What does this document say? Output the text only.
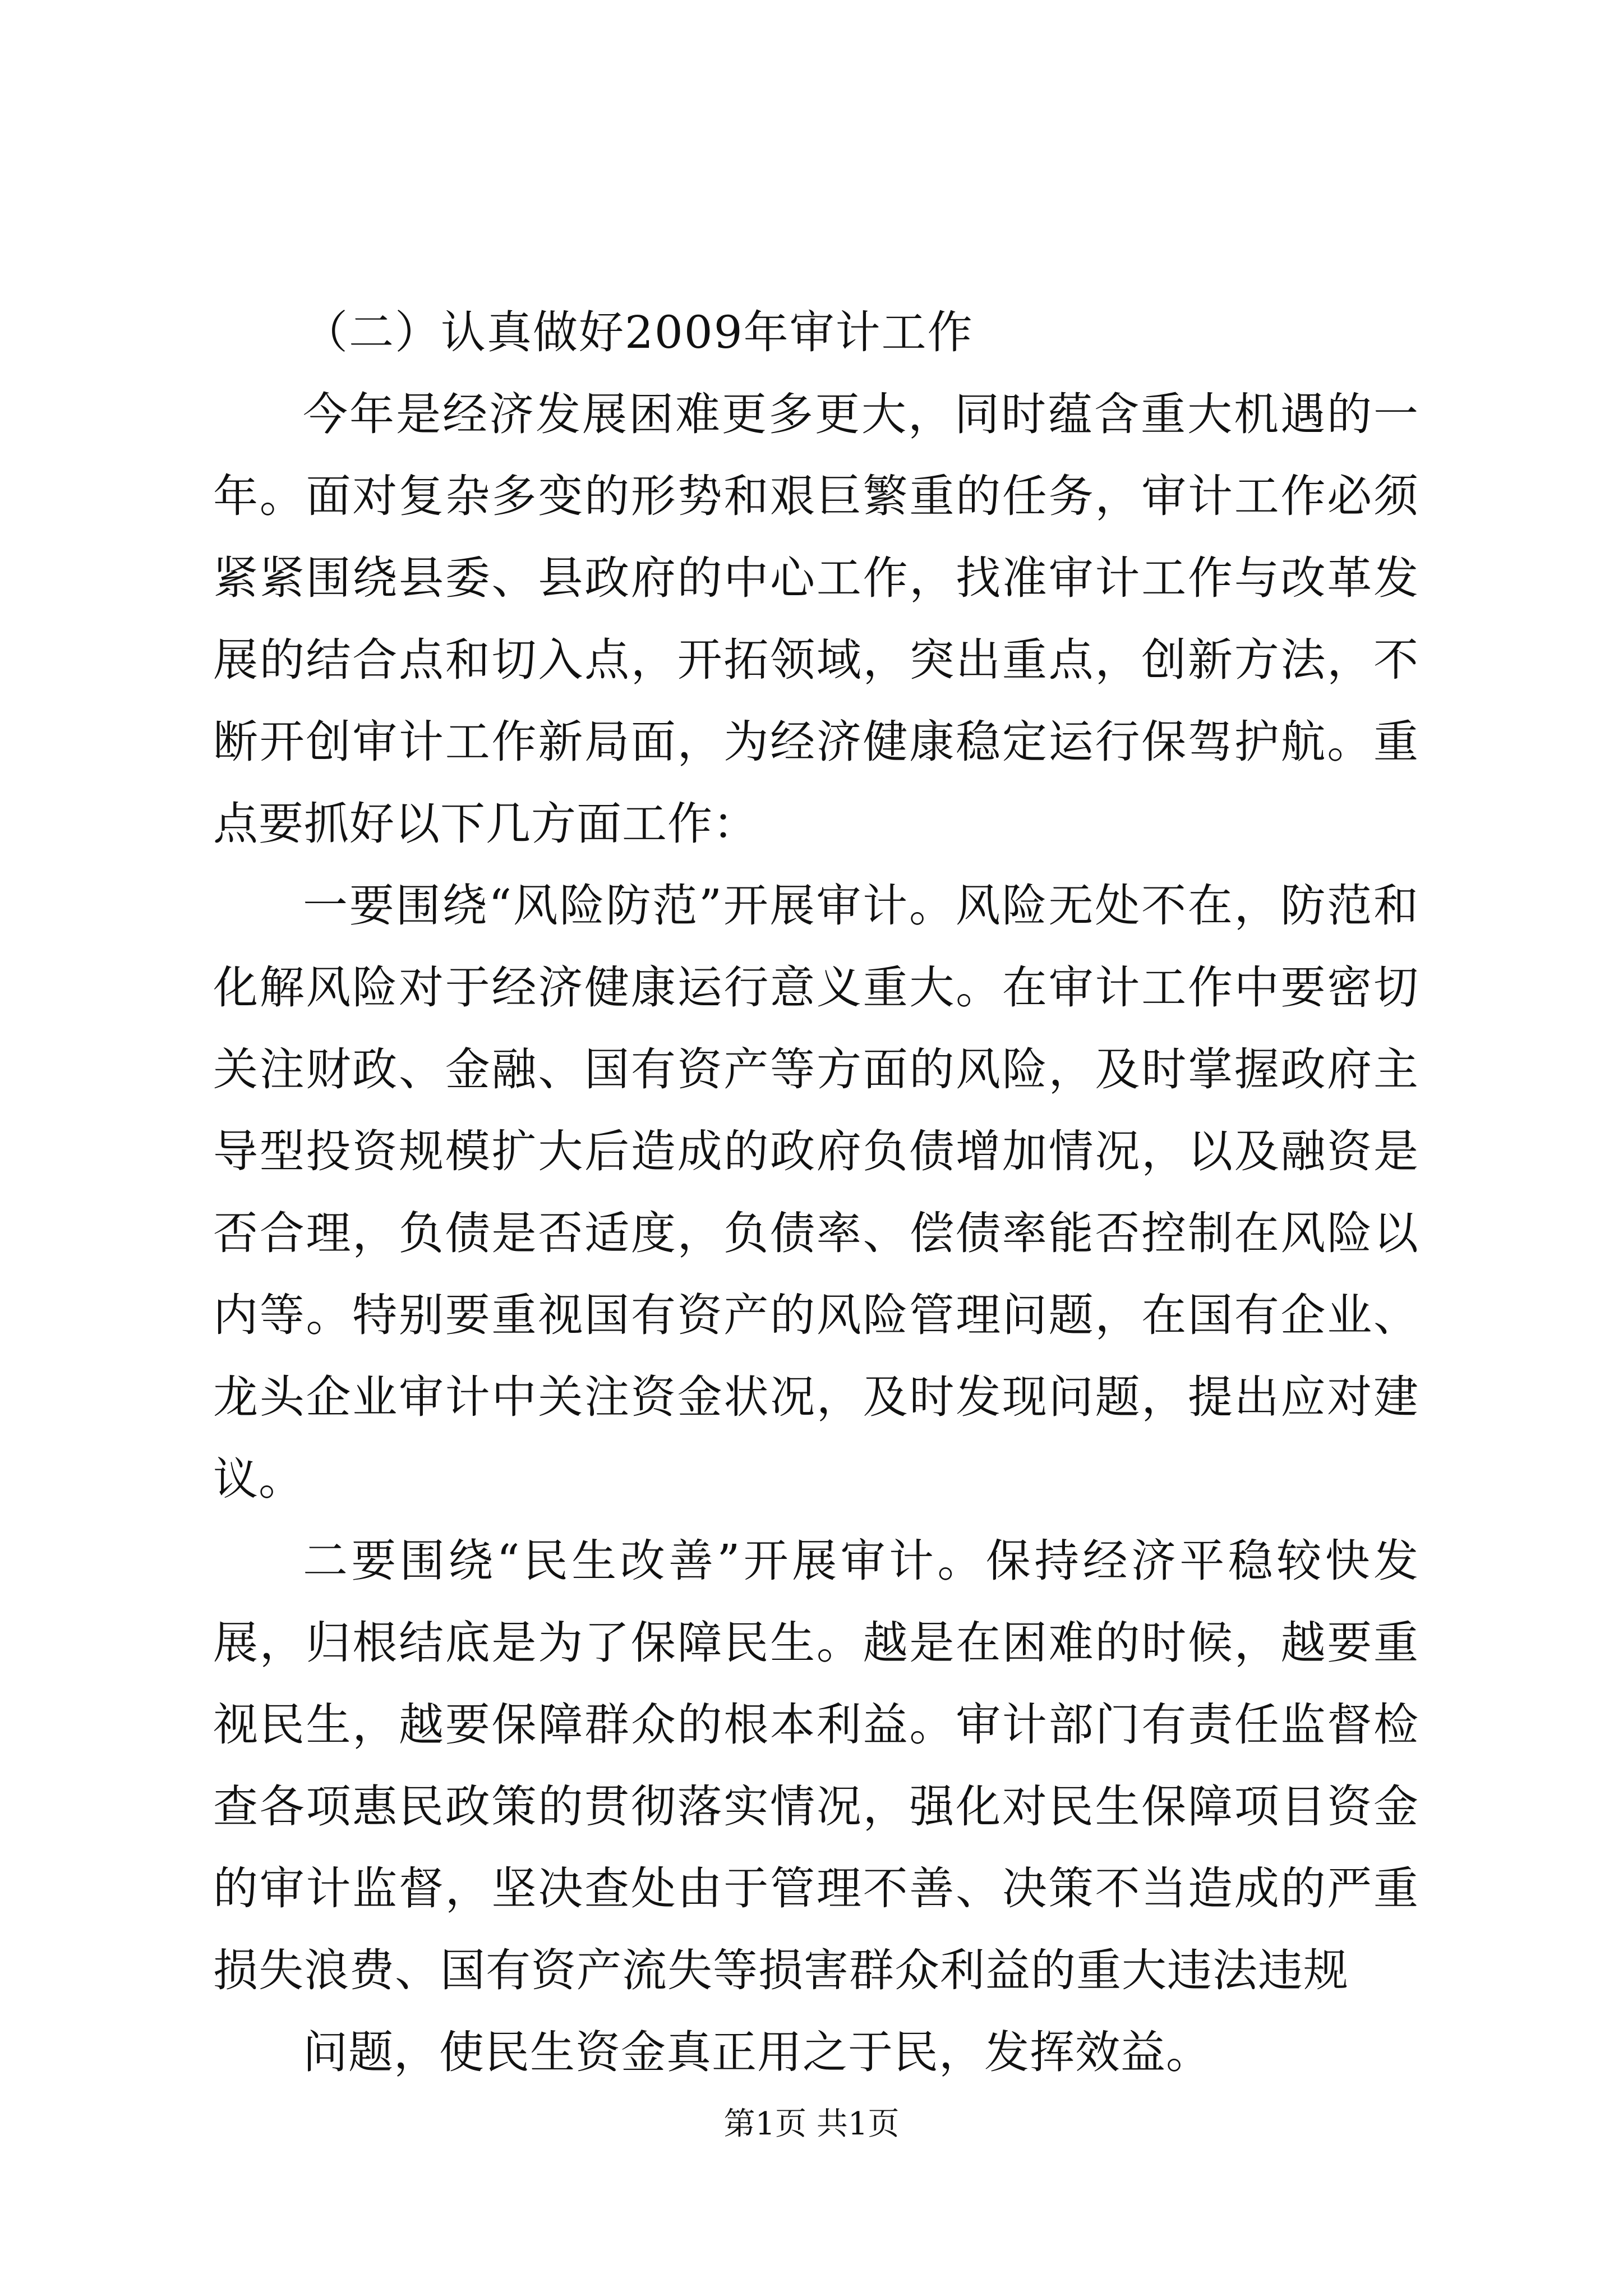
（二）认真做好2009年审计工作

今年是经济发展困难更多更大，同时蕴含重大机遇的一年。面对复杂多变的形势和艰巨繁重的任务，审计工作必须紧紧围绕县委、县政府的中心工作，找准审计工作与改革发展的结合点和切入点，开拓领域，突出重点，创新方法，不断开创审计工作新局面，为经济健康稳定运行保驾护航。重点要抓好以下几方面工作：

一要围绕“风险防范”开展审计。风险无处不在，防范和化解风险对于经济健康运行意义重大。在审计工作中要密切关注财政、金融、国有资产等方面的风险，及时掌握政府主导型投资规模扩大后造成的政府负债增加情况，以及融资是否合理，负债是否适度，负债率、偿债率能否控制在风险以内等。特别要重视国有资产的风险管理问题，在国有企业、龙头企业审计中关注资金状况，及时发现问题，提出应对建议。

二要围绕“民生改善”开展审计。保持经济平稳较快发展，归根结底是为了保障民生。越是在困难的时候，越要重视民生，越要保障群众的根本利益。审计部门有责任监督检查各项惠民政策的贯彻落实情况，强化对民生保障项目资金的审计监督，坚决查处由于管理不善、决策不当造成的严重损失浪费、国有资产流失等损害群众利益的重大违法违规

问题，使民生资金真正用之于民，发挥效益。

第1页 共1页
